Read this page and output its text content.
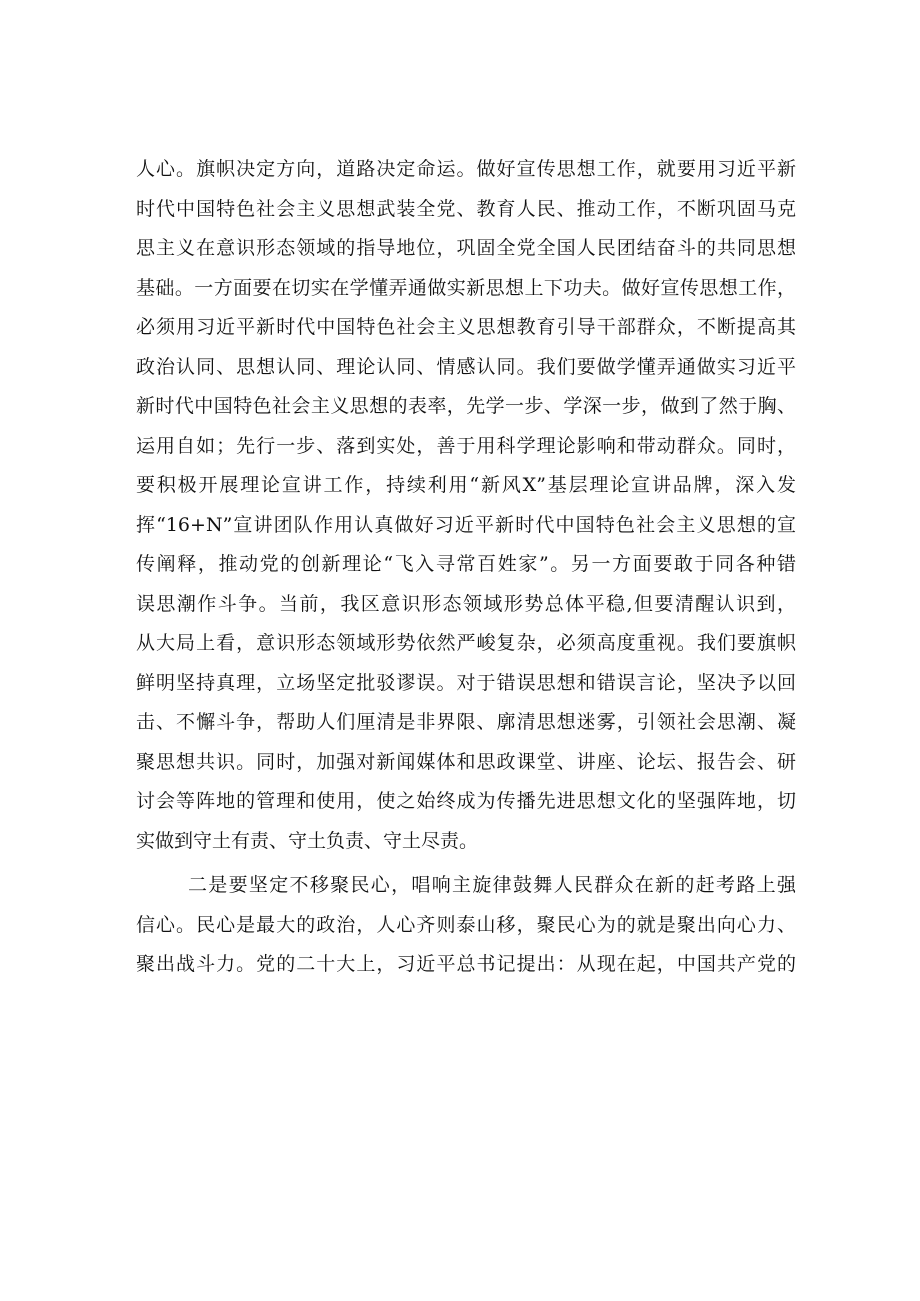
人心。旗帜决定方向，道路决定命运。做好宣传思想工作，就要用习近平新
时代中国特色社会主义思想武装全党、教育人民、推动工作，不断巩固马克
思主义在意识形态领域的指导地位，巩固全党全国人民团结奋斗的共同思想
基础。一方面要在切实在学懂弄通做实新思想上下功夫。做好宣传思想工作，
必须用习近平新时代中国特色社会主义思想教育引导干部群众，不断提高其
政治认同、思想认同、理论认同、情感认同。我们要做学懂弄通做实习近平
新时代中国特色社会主义思想的表率，先学一步、学深一步，做到了然于胸、
运用自如；先行一步、落到实处，善于用科学理论影响和带动群众。同时，
要积极开展理论宣讲工作，持续利用“新风X”基层理论宣讲品牌，深入发
挥“16+N”宣讲团队作用认真做好习近平新时代中国特色社会主义思想的宣
传阐释，推动党的创新理论“飞入寻常百姓家”。另一方面要敢于同各种错
误思潮作斗争。当前，我区意识形态领域形势总体平稳,但要清醒认识到，
从大局上看，意识形态领域形势依然严峻复杂，必须高度重视。我们要旗帜
鲜明坚持真理，立场坚定批驳谬误。对于错误思想和错误言论，坚决予以回
击、不懈斗争，帮助人们厘清是非界限、廓清思想迷雾，引领社会思潮、凝
聚思想共识。同时，加强对新闻媒体和思政课堂、讲座、论坛、报告会、研
讨会等阵地的管理和使用，使之始终成为传播先进思想文化的坚强阵地，切
实做到守土有责、守土负责、守土尽责。
二是要坚定不移聚民心，唱响主旋律鼓舞人民群众在新的赶考路上强
信心。民心是最大的政治，人心齐则泰山移，聚民心为的就是聚出向心力、
聚出战斗力。党的二十大上，习近平总书记提出：从现在起，中国共产党的
